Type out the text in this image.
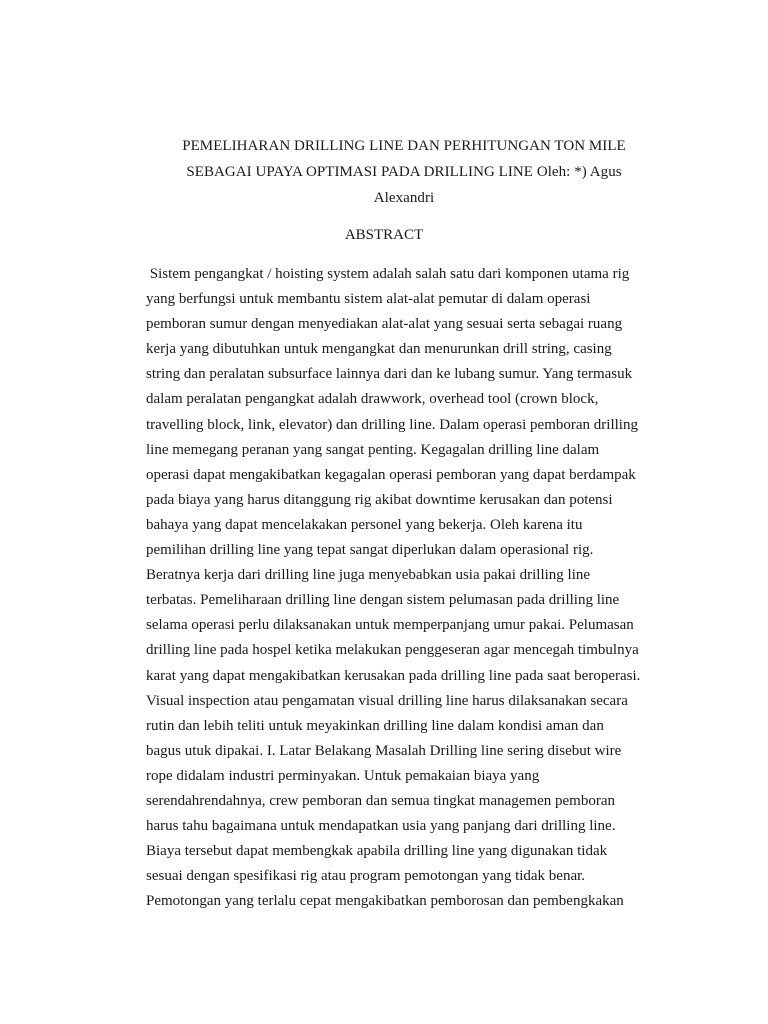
PEMELIHARAN DRILLING LINE DAN PERHITUNGAN TON MILE
SEBAGAI UPAYA OPTIMASI PADA DRILLING LINE Oleh: *) Agus
Alexandri
ABSTRACT
Sistem pengangkat / hoisting system adalah salah satu dari komponen utama rig
yang berfungsi untuk membantu sistem alat-alat pemutar di dalam operasi
pemboran sumur dengan menyediakan alat-alat yang sesuai serta sebagai ruang
kerja yang dibutuhkan untuk mengangkat dan menurunkan drill string, casing
string dan peralatan subsurface lainnya dari dan ke lubang sumur. Yang termasuk
dalam peralatan pengangkat adalah drawwork, overhead tool (crown block,
travelling block, link, elevator) dan drilling line. Dalam operasi pemboran drilling
line memegang peranan yang sangat penting. Kegagalan drilling line dalam
operasi dapat mengakibatkan kegagalan operasi pemboran yang dapat berdampak
pada biaya yang harus ditanggung rig akibat downtime kerusakan dan potensi
bahaya yang dapat mencelakakan personel yang bekerja. Oleh karena itu
pemilihan drilling line yang tepat sangat diperlukan dalam operasional rig.
Beratnya kerja dari drilling line juga menyebabkan usia pakai drilling line
terbatas. Pemeliharaan drilling line dengan sistem pelumasan pada drilling line
selama operasi perlu dilaksanakan untuk memperpanjang umur pakai. Pelumasan
drilling line pada hospel ketika melakukan penggeseran agar mencegah timbulnya
karat yang dapat mengakibatkan kerusakan pada drilling line pada saat beroperasi.
Visual inspection atau pengamatan visual drilling line harus dilaksanakan secara
rutin dan lebih teliti untuk meyakinkan drilling line dalam kondisi aman dan
bagus utuk dipakai. I. Latar Belakang Masalah Drilling line sering disebut wire
rope didalam industri perminyakan. Untuk pemakaian biaya yang
serendahrendahnya, crew pemboran dan semua tingkat managemen pemboran
harus tahu bagaimana untuk mendapatkan usia yang panjang dari drilling line.
Biaya tersebut dapat membengkak apabila drilling line yang digunakan tidak
sesuai dengan spesifikasi rig atau program pemotongan yang tidak benar.
Pemotongan yang terlalu cepat mengakibatkan pemborosan dan pembengkakan
